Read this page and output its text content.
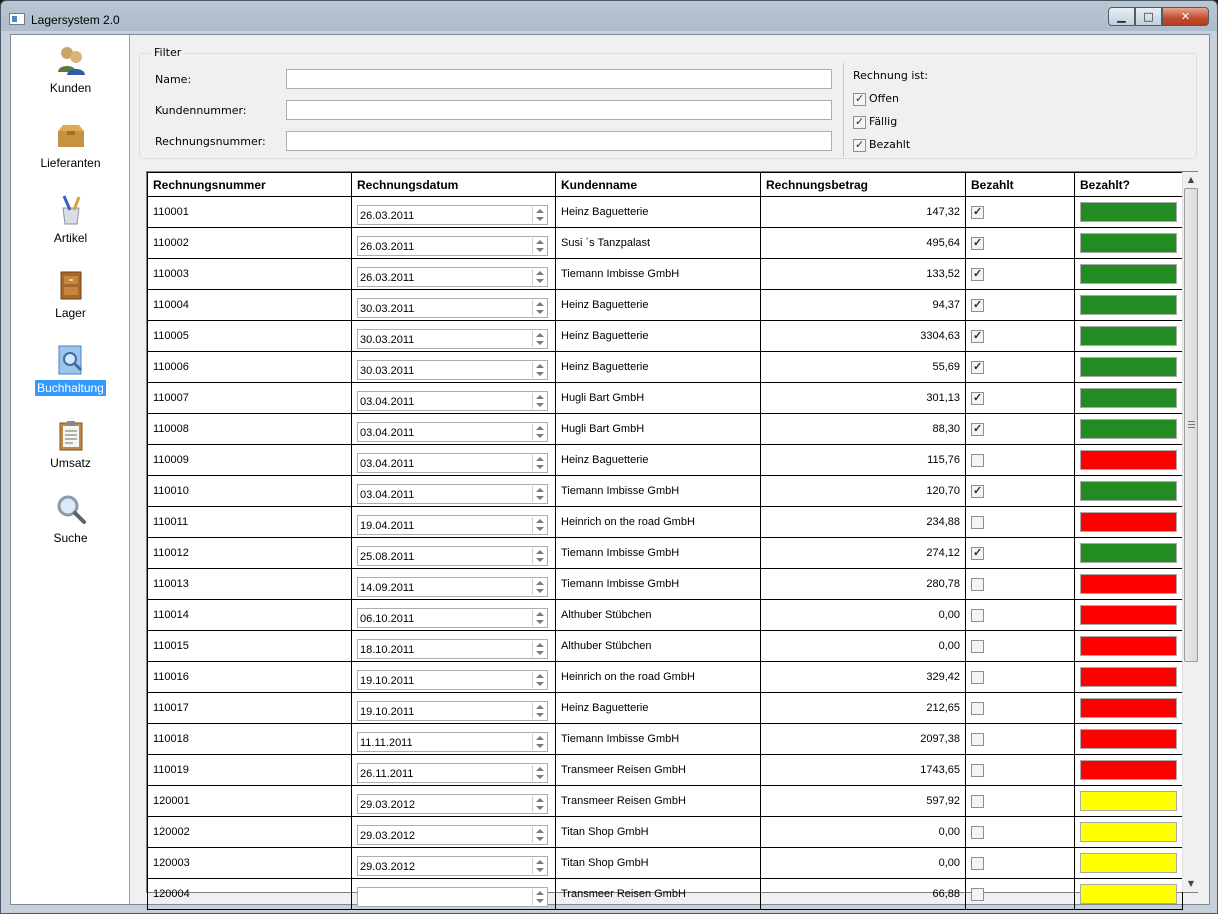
Lagersystem 2.0	▁	□	✕
Kunden
Lieferanten
Artikel
Lager
Buchhaltung
Umsatz
Suche
Filter
Name:
Kundennummer:
Rechnungsnummer:
Rechnung ist:
✓Offen
✓Fällig
✓Bezahlt
Rechnungsnummer	Rechnungsdatum	Kundenname	Rechnungsbetrag	Bezahlt	Bezahlt?
110001	26.03.2011	Heinz Baguetterie	147,32	✓	

110002	26.03.2011	Susi ´s Tanzpalast	495,64	✓	

110003	26.03.2011	Tiemann Imbisse GmbH	133,52	✓	

110004	30.03.2011	Heinz Baguetterie	94,37	✓	

110005	30.03.2011	Heinz Baguetterie	3304,63	✓	

110006	30.03.2011	Heinz Baguetterie	55,69	✓	

110007	03.04.2011	Hugli Bart GmbH	301,13	✓	

110008	03.04.2011	Hugli Bart GmbH	88,30	✓	

110009	03.04.2011	Heinz Baguetterie	115,76		

110010	03.04.2011	Tiemann Imbisse GmbH	120,70	✓	

110011	19.04.2011	Heinrich on the road GmbH	234,88		

110012	25.08.2011	Tiemann Imbisse GmbH	274,12	✓	

110013	14.09.2011	Tiemann Imbisse GmbH	280,78		

110014	06.10.2011	Althuber Stübchen	0,00		

110015	18.10.2011	Althuber Stübchen	0,00		

110016	19.10.2011	Heinrich on the road GmbH	329,42		

110017	19.10.2011	Heinz Baguetterie	212,65		

110018	11.11.2011	Tiemann Imbisse GmbH	2097,38		

110019	26.11.2011	Transmeer Reisen GmbH	1743,65		

120001	29.03.2012	Transmeer Reisen GmbH	597,92		

120002	29.03.2012	Titan Shop GmbH	0,00		

120003	29.03.2012	Titan Shop GmbH	0,00		

120004		Transmeer Reisen GmbH	66,88		
▲
▼
